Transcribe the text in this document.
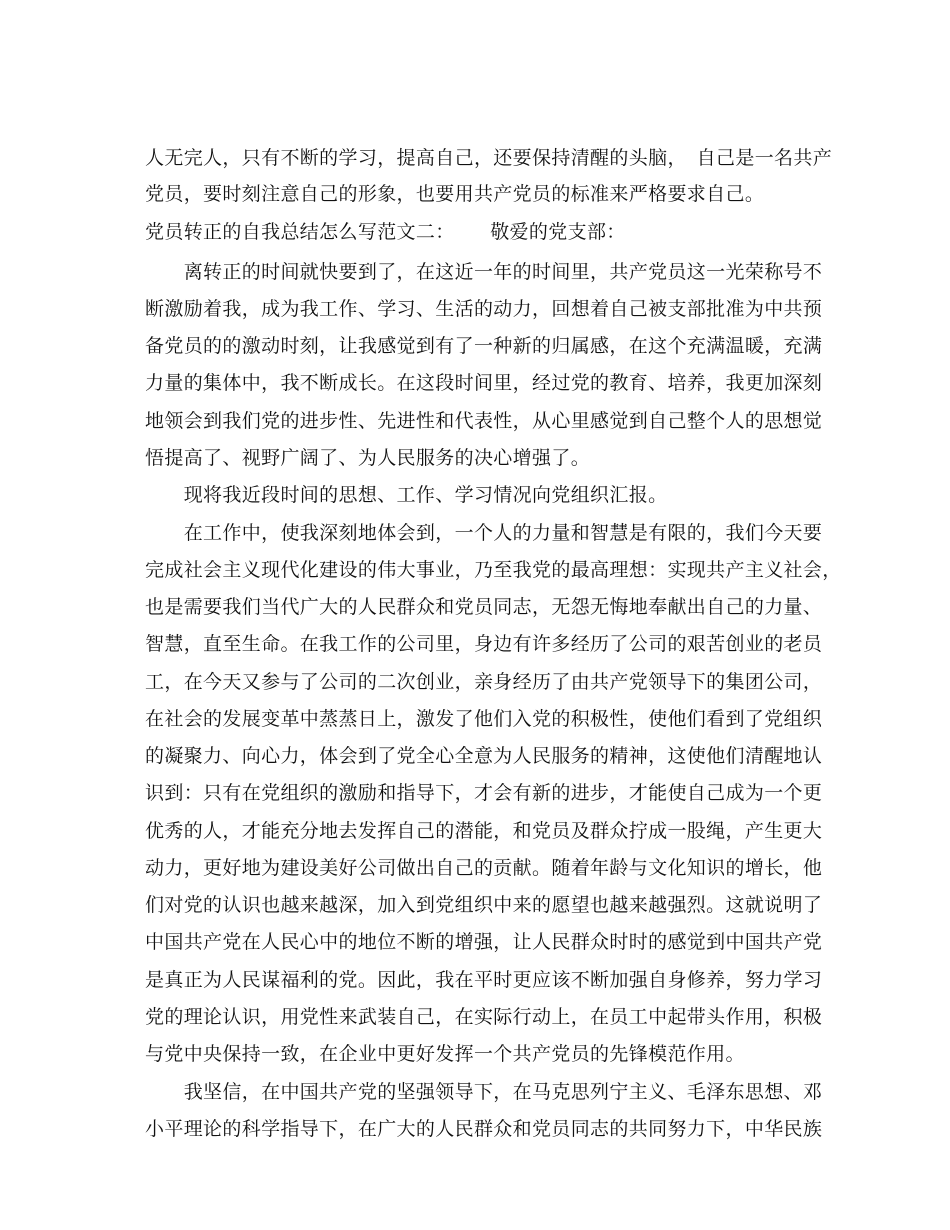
人无完人，只有不断的学习，提高自己，还要保持清醒的头脑，　自己是一名共产
党员，要时刻注意自己的形象，也要用共产党员的标准来严格要求自己。
党员转正的自我总结怎么写范文二：　　 敬爱的党支部：
　　离转正的时间就快要到了，在这近一年的时间里，共产党员这一光荣称号不
断激励着我，成为我工作、学习、生活的动力，回想着自己被支部批准为中共预
备党员的的激动时刻，让我感觉到有了一种新的归属感，在这个充满温暖，充满
力量的集体中，我不断成长。在这段时间里，经过党的教育、培养，我更加深刻
地领会到我们党的进步性、先进性和代表性，从心里感觉到自己整个人的思想觉
悟提高了、视野广阔了、为人民服务的决心增强了。
　　现将我近段时间的思想、工作、学习情况向党组织汇报。
　　在工作中，使我深刻地体会到，一个人的力量和智慧是有限的，我们今天要
完成社会主义现代化建设的伟大事业，乃至我党的最高理想：实现共产主义社会，
也是需要我们当代广大的人民群众和党员同志，无怨无悔地奉献出自己的力量、
智慧，直至生命。在我工作的公司里，身边有许多经历了公司的艰苦创业的老员
工，在今天又参与了公司的二次创业，亲身经历了由共产党领导下的集团公司，
在社会的发展变革中蒸蒸日上，激发了他们入党的积极性，使他们看到了党组织
的凝聚力、向心力，体会到了党全心全意为人民服务的精神，这使他们清醒地认
识到：只有在党组织的激励和指导下，才会有新的进步，才能使自己成为一个更
优秀的人，才能充分地去发挥自己的潜能，和党员及群众拧成一股绳，产生更大
动力，更好地为建设美好公司做出自己的贡献。随着年龄与文化知识的增长，他
们对党的认识也越来越深，加入到党组织中来的愿望也越来越强烈。这就说明了
中国共产党在人民心中的地位不断的增强，让人民群众时时的感觉到中国共产党
是真正为人民谋福利的党。因此，我在平时更应该不断加强自身修养，努力学习
党的理论认识，用党性来武装自己，在实际行动上，在员工中起带头作用，积极
与党中央保持一致，在企业中更好发挥一个共产党员的先锋模范作用。
　　我坚信，在中国共产党的坚强领导下，在马克思列宁主义、毛泽东思想、邓
小平理论的科学指导下，在广大的人民群众和党员同志的共同努力下，中华民族
